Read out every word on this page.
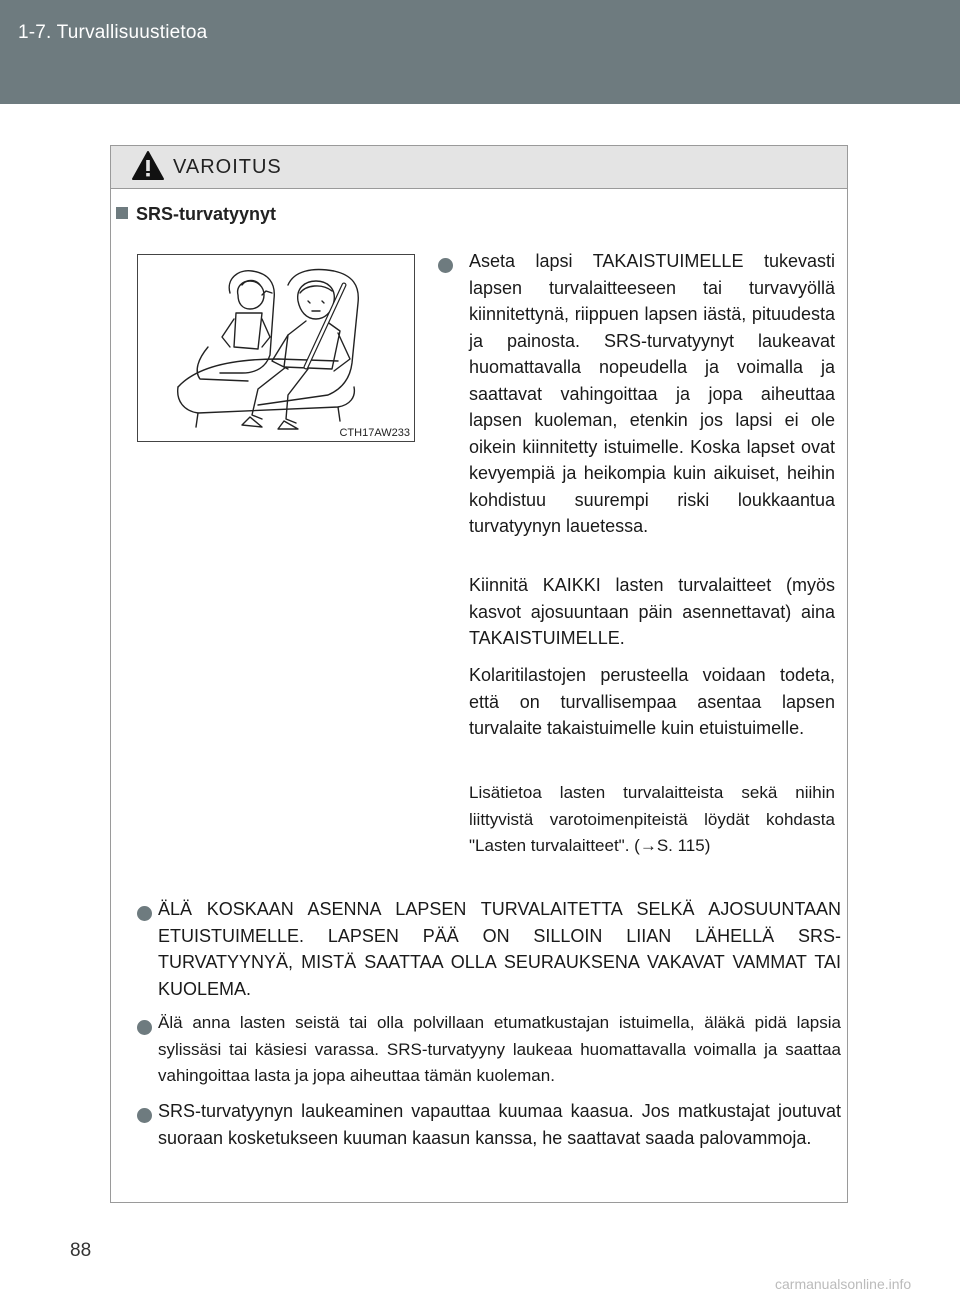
1-7. Turvallisuustietoa
VAROITUS
SRS-turvatyynyt
CTH17AW233

Aseta lapsi TAKAISTUIMELLE tukevasti lapsen turvalaitteeseen tai turvavyöllä kiinnitettynä, riippuen lapsen iästä, pituudesta ja painosta. SRS-turvatyynyt laukeavat huomattavalla nopeudella ja voimalla ja saattavat vahingoittaa ja jopa aiheuttaa lapsen kuoleman, etenkin jos lapsi ei ole oikein kiinnitetty istuimelle. Koska lapset ovat kevyempiä ja heikompia kuin aikuiset, heihin kohdistuu suurempi riski loukkaantua turvatyynyn lauetessa.

Kiinnitä KAIKKI lasten turvalaitteet (myös kasvot ajosuuntaan päin asennettavat) aina TAKAISTUIMELLE.

Kolaritilastojen perusteella voidaan todeta, että on turvallisempaa asentaa lapsen turvalaite takaistuimelle kuin etuistuimelle.

Lisätietoa lasten turvalaitteista sekä niihin liittyvistä varotoimenpiteistä löydät kohdasta "Lasten turvalaitteet". (→S. 115)

ÄLÄ KOSKAAN ASENNA LAPSEN TURVALAITETTA SELKÄ AJOSUUNTAAN ETUISTUIMELLE. LAPSEN PÄÄ ON SILLOIN LIIAN LÄHELLÄ SRS-TURVATYYNYÄ, MISTÄ SAATTAA OLLA SEURAUKSENA VAKAVAT VAMMAT TAI KUOLEMA.

Älä anna lasten seistä tai olla polvillaan etumatkustajan istuimella, äläkä pidä lapsia sylissäsi tai käsiesi varassa. SRS-turvatyyny laukeaa huomattavalla voimalla ja saattaa vahingoittaa lasta ja jopa aiheuttaa tämän kuoleman.

SRS-turvatyynyn laukeaminen vapauttaa kuumaa kaasua. Jos matkustajat joutuvat suoraan kosketukseen kuuman kaasun kanssa, he saattavat saada palovammoja.

88
carmanualsonline.info
